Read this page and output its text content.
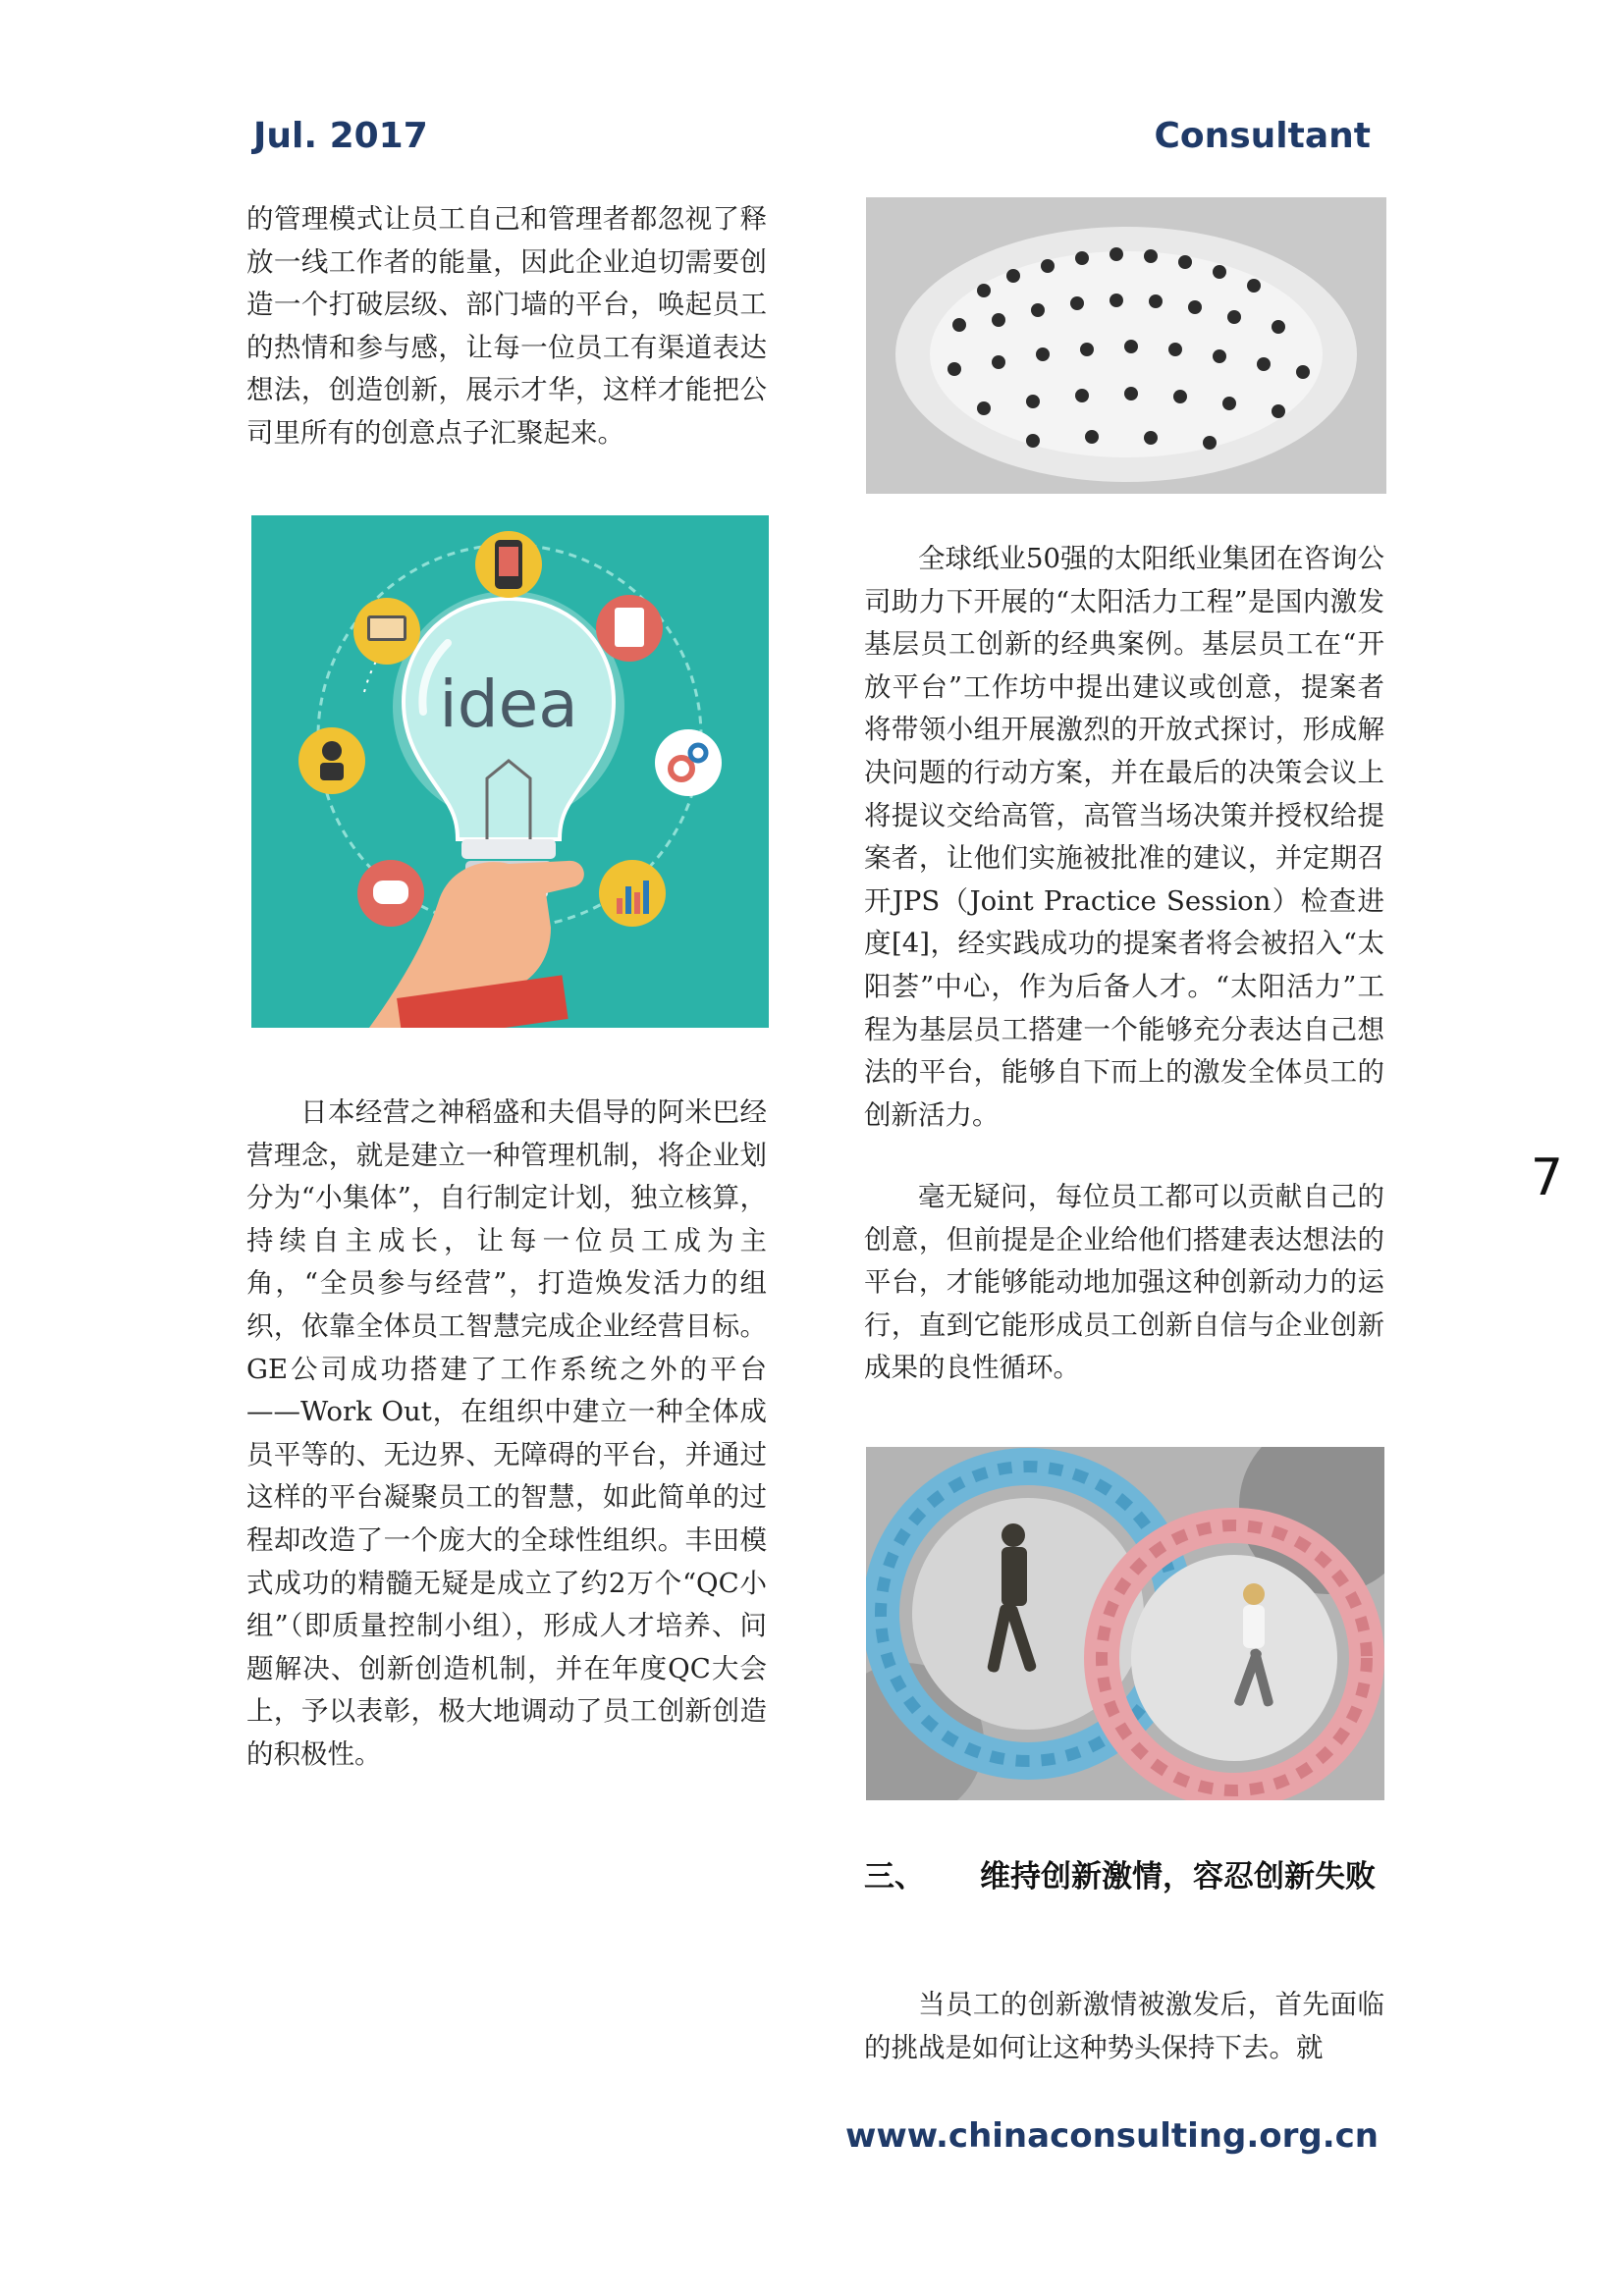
Jul. 2017	Consultant

的管理模式让员工自己和管理者都忽视了释放一线工作者的能量，因此企业迫切需要创造一个打破层级、部门墙的平台，唤起员工的热情和参与感，让每一位员工有渠道表达想法，创造创新，展示才华，这样才能把公司里所有的创意点子汇聚起来。

idea

日本经营之神稻盛和夫倡导的阿米巴经营理念，就是建立一种管理机制，将企业划分为“小集体”，自行制定计划，独立核算，持续自主成长，让每一位员工成为主角，“全员参与经营”，打造焕发活力的组织，依靠全体员工智慧完成企业经营目标。GE公司成功搭建了工作系统之外的平台——Work Out，在组织中建立一种全体成员平等的、无边界、无障碍的平台，并通过这样的平台凝聚员工的智慧，如此简单的过程却改造了一个庞大的全球性组织。丰田模式成功的精髓无疑是成立了约2万个“QC小组”（即质量控制小组），形成人才培养、问题解决、创新创造机制，并在年度QC大会上，予以表彰，极大地调动了员工创新创造的积极性。

全球纸业50强的太阳纸业集团在咨询公司助力下开展的“太阳活力工程”是国内激发基层员工创新的经典案例。基层员工在“开放平台”工作坊中提出建议或创意，提案者将带领小组开展激烈的开放式探讨，形成解决问题的行动方案，并在最后的决策会议上将提议交给高管，高管当场决策并授权给提案者，让他们实施被批准的建议，并定期召开JPS（Joint Practice Session）检查进度[4]，经实践成功的提案者将会被招入“太阳荟”中心，作为后备人才。“太阳活力”工程为基层员工搭建一个能够充分表达自己想法的平台，能够自下而上的激发全体员工的创新活力。

毫无疑问，每位员工都可以贡献自己的创意，但前提是企业给他们搭建表达想法的平台，才能够能动地加强这种创新动力的运行，直到它能形成员工创新自信与企业创新成果的良性循环。

三、 维持创新激情，容忍创新失败

当员工的创新激情被激发后，首先面临的挑战是如何让这种势头保持下去。就

7
www.chinaconsulting.org.cn
